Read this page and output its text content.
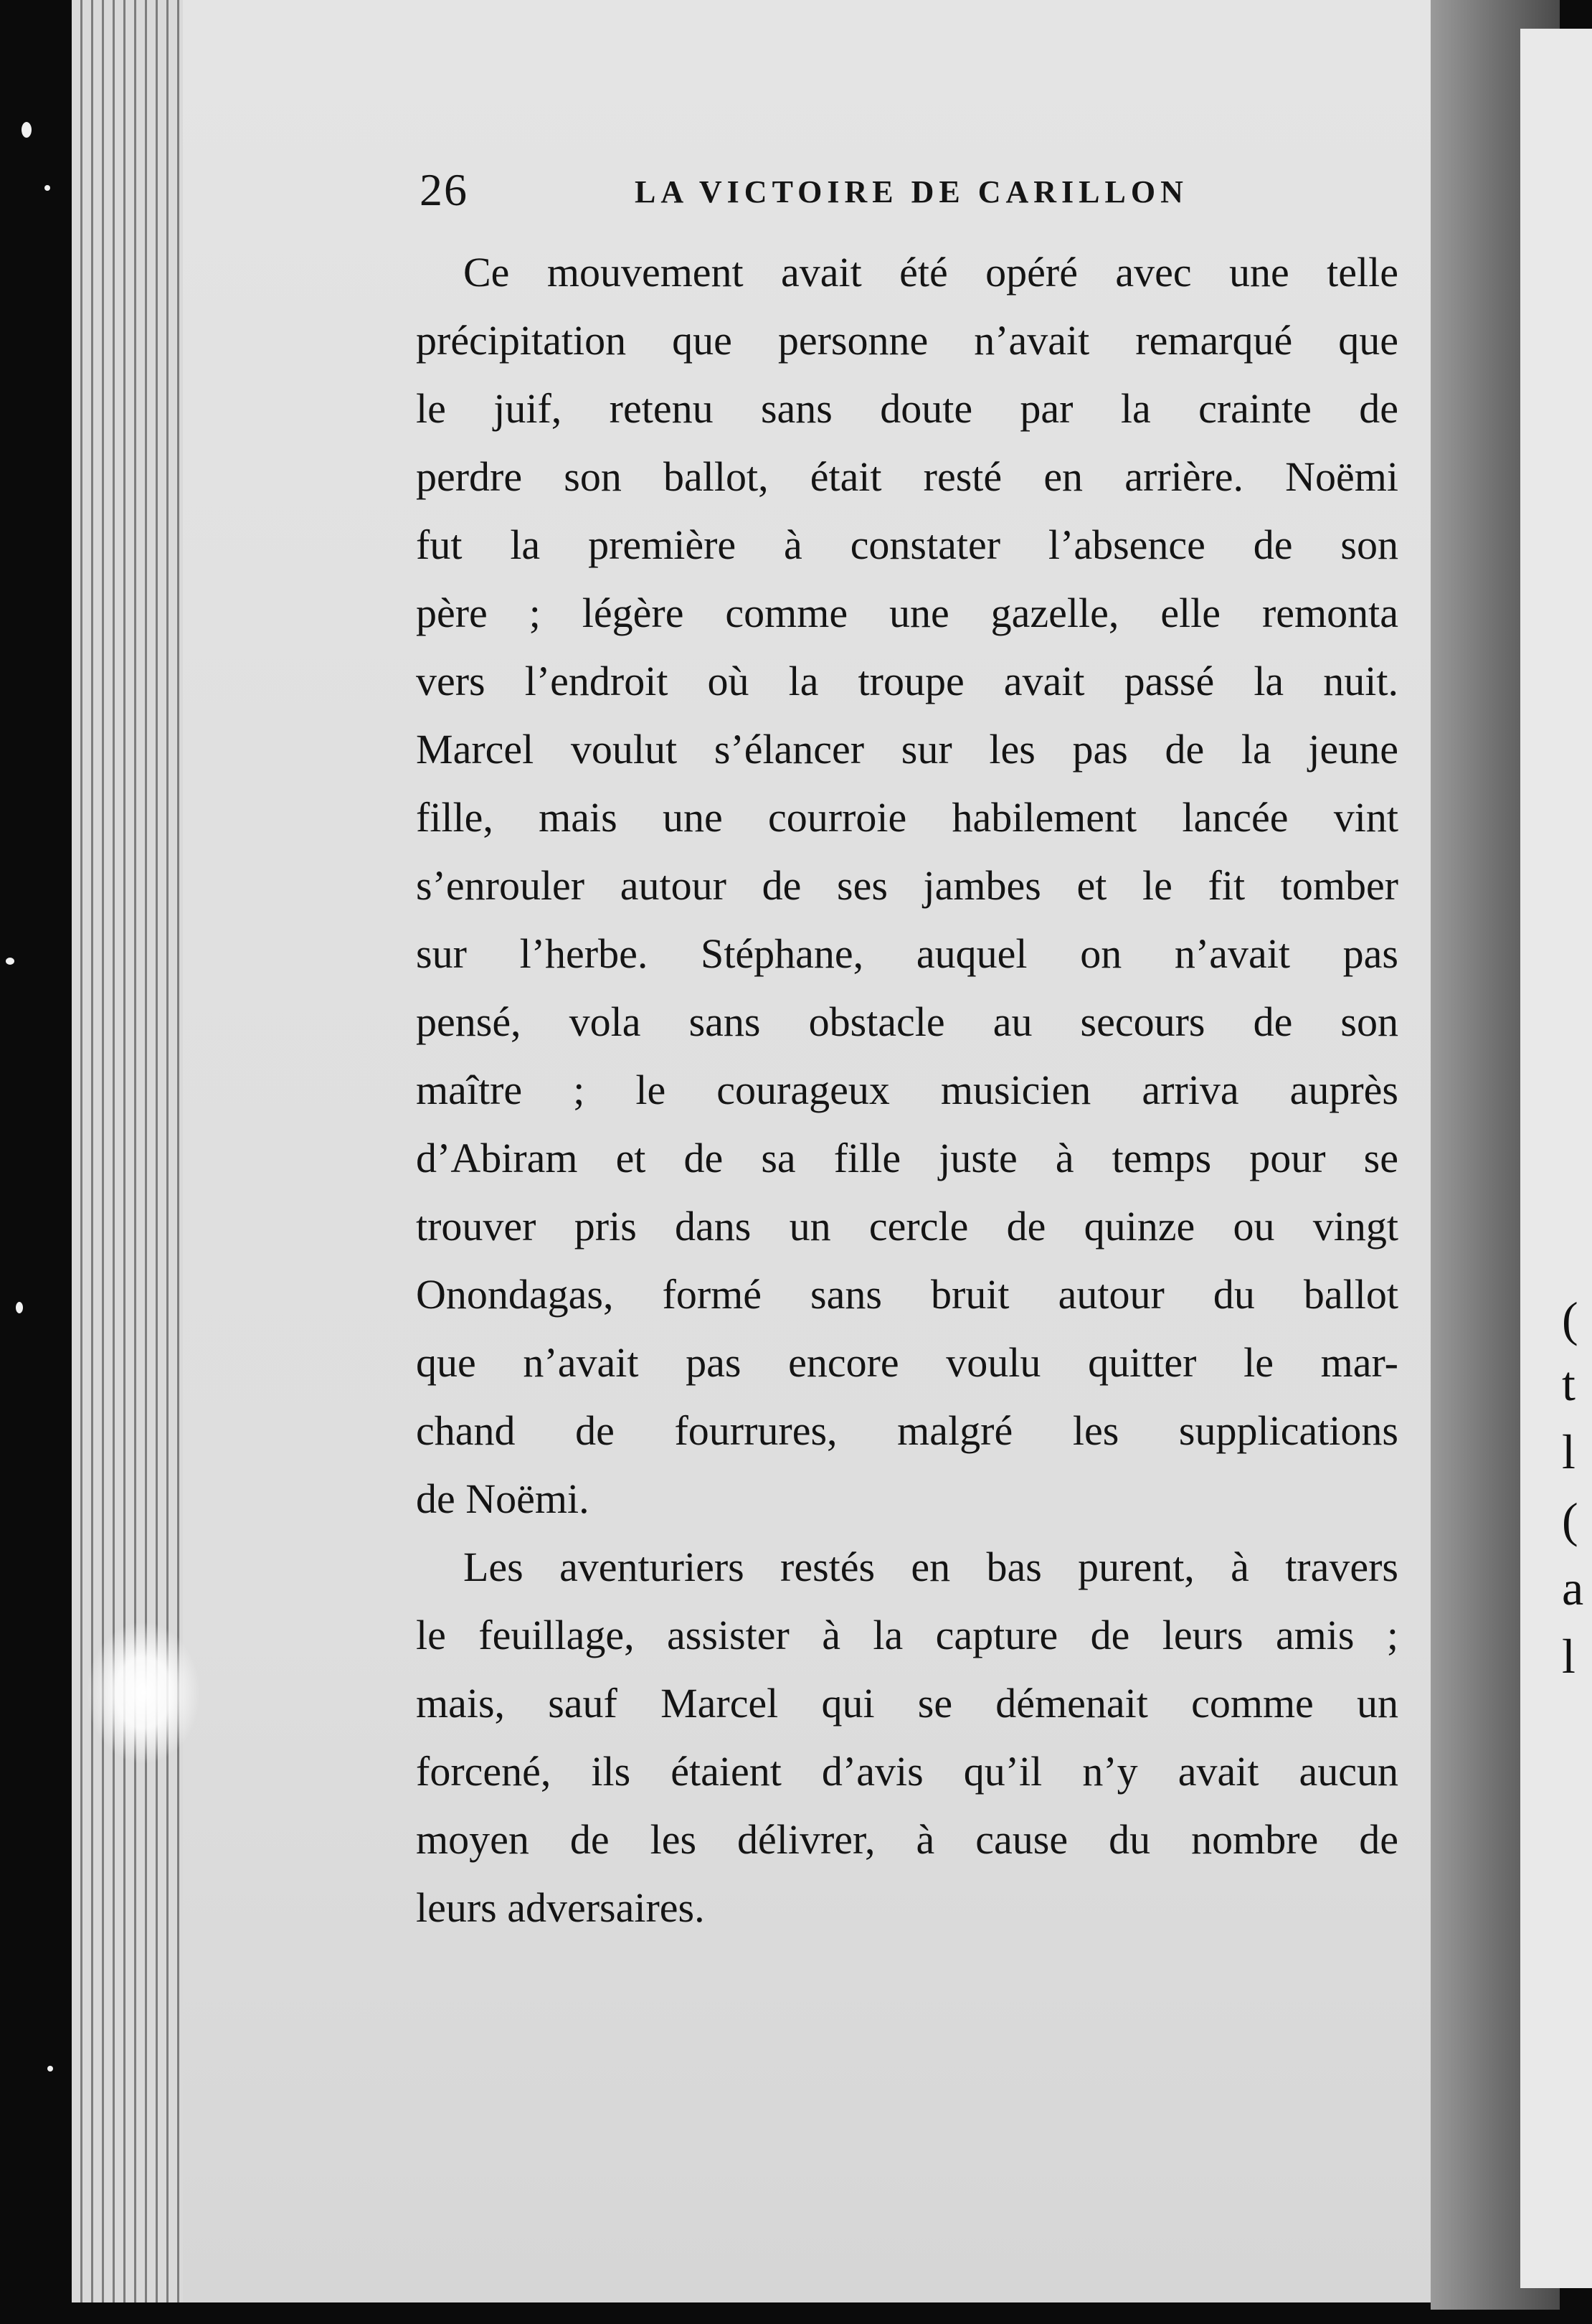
(
t
l
(
a
l
26	LA VICTOIRE DE CARILLON
Ce mouvement avait été opéré avec une telle
précipitation que personne n’avait remarqué que
le juif, retenu sans doute par la crainte de
perdre son ballot, était resté en arrière. Noëmi
fut la première à constater l’absence de son
père ; légère comme une gazelle, elle remonta
vers l’endroit où la troupe avait passé la nuit.
Marcel voulut s’élancer sur les pas de la jeune
fille, mais une courroie habilement lancée vint
s’enrouler autour de ses jambes et le fit tomber
sur l’herbe. Stéphane, auquel on n’avait pas
pensé, vola sans obstacle au secours de son
maître ; le courageux musicien arriva auprès
d’Abiram et de sa fille juste à temps pour se
trouver pris dans un cercle de quinze ou vingt
Onondagas, formé sans bruit autour du ballot
que n’avait pas encore voulu quitter le mar-
chand de fourrures, malgré les supplications
de Noëmi.
Les aventuriers restés en bas purent, à travers
le feuillage, assister à la capture de leurs amis ;
mais, sauf Marcel qui se démenait comme un
forcené, ils étaient d’avis qu’il n’y avait aucun
moyen de les délivrer, à cause du nombre de
leurs adversaires.
